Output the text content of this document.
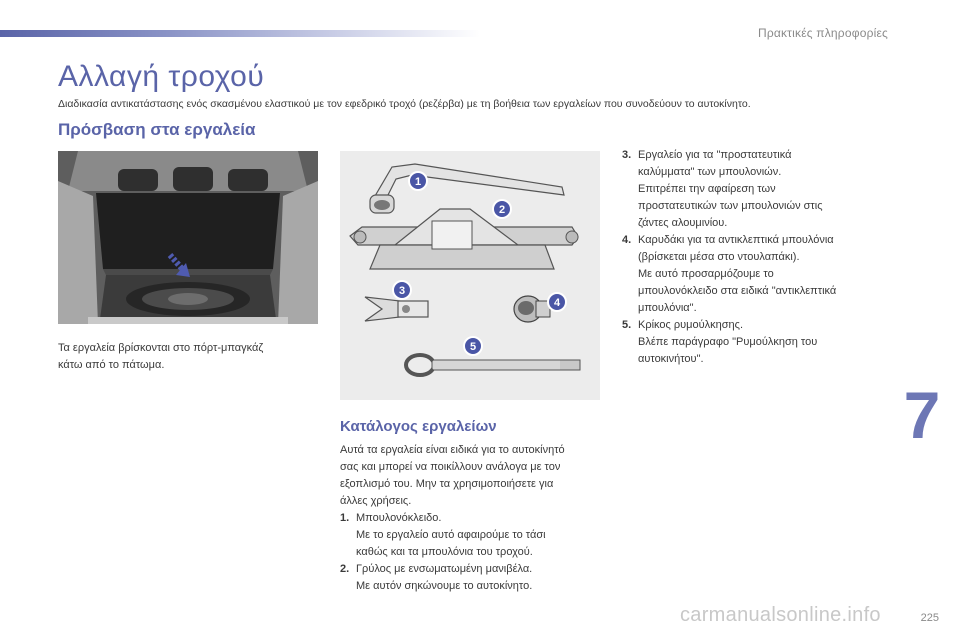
Πρακτικές πληροφορίες
Αλλαγή τροχού
Διαδικασία αντικατάστασης ενός σκασμένου ελαστικού με τον εφεδρικό τροχό (ρεζέρβα) με τη βοήθεια των εργαλείων που συνοδεύουν το αυτοκίνητο.
Πρόσβαση στα εργαλεία
Τα εργαλεία βρίσκονται στο πόρτ-μπαγκάζ
κάτω από το πάτωμα.
1
2
3
4
5
Κατάλογος εργαλείων
Αυτά τα εργαλεία είναι ειδικά για το αυτοκίνητό
σας και μπορεί να ποικίλλουν ανάλογα με τον
εξοπλισμό του. Μην τα χρησιμοποιήσετε για
άλλες χρήσεις.
1. Μπουλονόκλειδο.
Με το εργαλείο αυτό αφαιρούμε το τάσι
καθώς και τα μπουλόνια του τροχού.
2. Γρύλος με ενσωματωμένη μανιβέλα.
Με αυτόν σηκώνουμε το αυτοκίνητο.
3. Εργαλείο για τα "προστατευτικά
καλύμματα" των μπουλονιών.
Επιτρέπει την αφαίρεση των
προστατευτικών των μπουλονιών στις
ζάντες αλουμινίου.
4. Καρυδάκι για τα αντικλεπτικά μπουλόνια
(βρίσκεται μέσα στο ντουλαπάκι).
Με αυτό προσαρμόζουμε το
μπουλονόκλειδο στα ειδικά "αντικλεπτικά
μπουλόνια".
5. Κρίκος ρυμούλκησης.
Βλέπε παράγραφο "Ρυμούλκηση του
αυτοκινήτου".
7
225
carmanualsonline.info
